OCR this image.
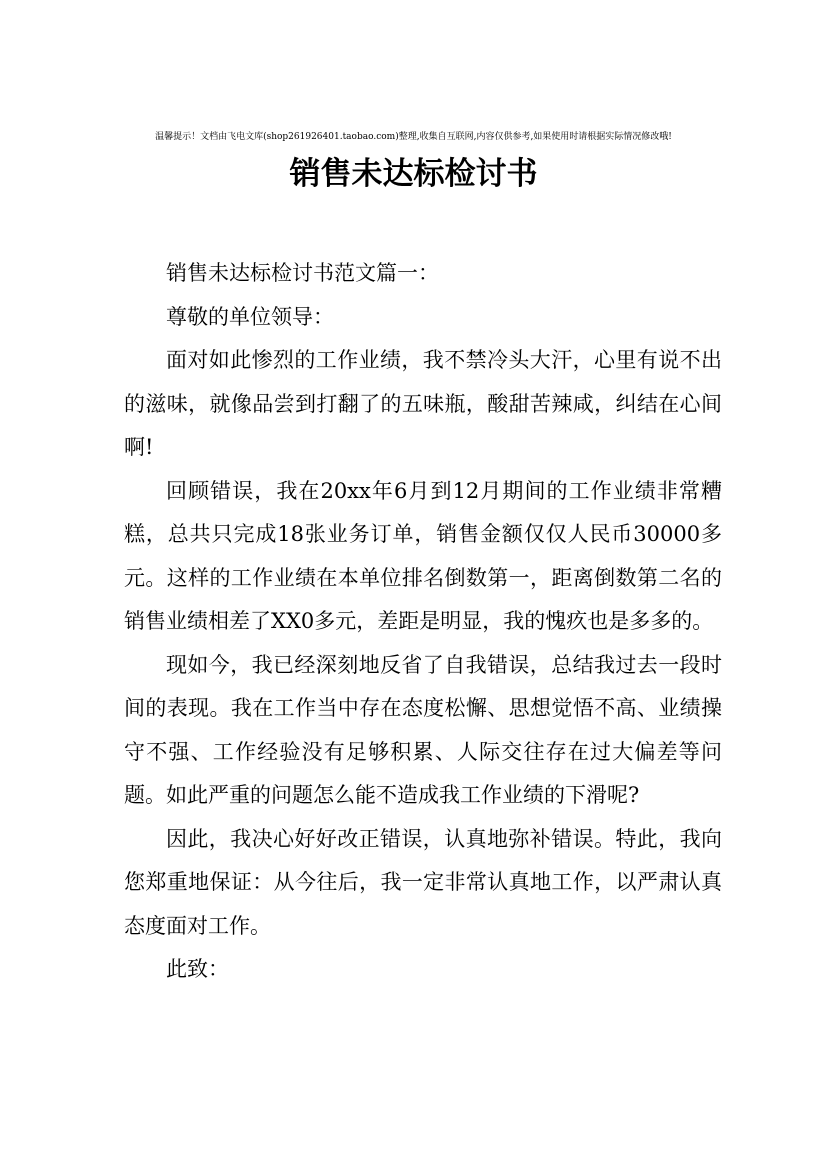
温馨提示！文档由飞电文库(shop261926401.taobao.com)整理,收集自互联网,内容仅供参考,如果使用时请根据实际情况修改哦!
销售未达标检讨书

销售未达标检讨书范文篇一：

尊敬的单位领导：

面对如此惨烈的工作业绩，我不禁冷头大汗，心里有说不出的滋味，就像品尝到打翻了的五味瓶，酸甜苦辣咸，纠结在心间啊!

回顾错误，我在20xx年6月到12月期间的工作业绩非常糟糕，总共只完成18张业务订单，销售金额仅仅人民币30000多元。这样的工作业绩在本单位排名倒数第一，距离倒数第二名的销售业绩相差了XX0多元，差距是明显，我的愧疚也是多多的。

现如今，我已经深刻地反省了自我错误，总结我过去一段时间的表现。我在工作当中存在态度松懈、思想觉悟不高、业绩操守不强、工作经验没有足够积累、人际交往存在过大偏差等问题。如此严重的问题怎么能不造成我工作业绩的下滑呢?

因此，我决心好好改正错误，认真地弥补错误。特此，我向您郑重地保证：从今往后，我一定非常认真地工作，以严肃认真态度面对工作。

此致：
